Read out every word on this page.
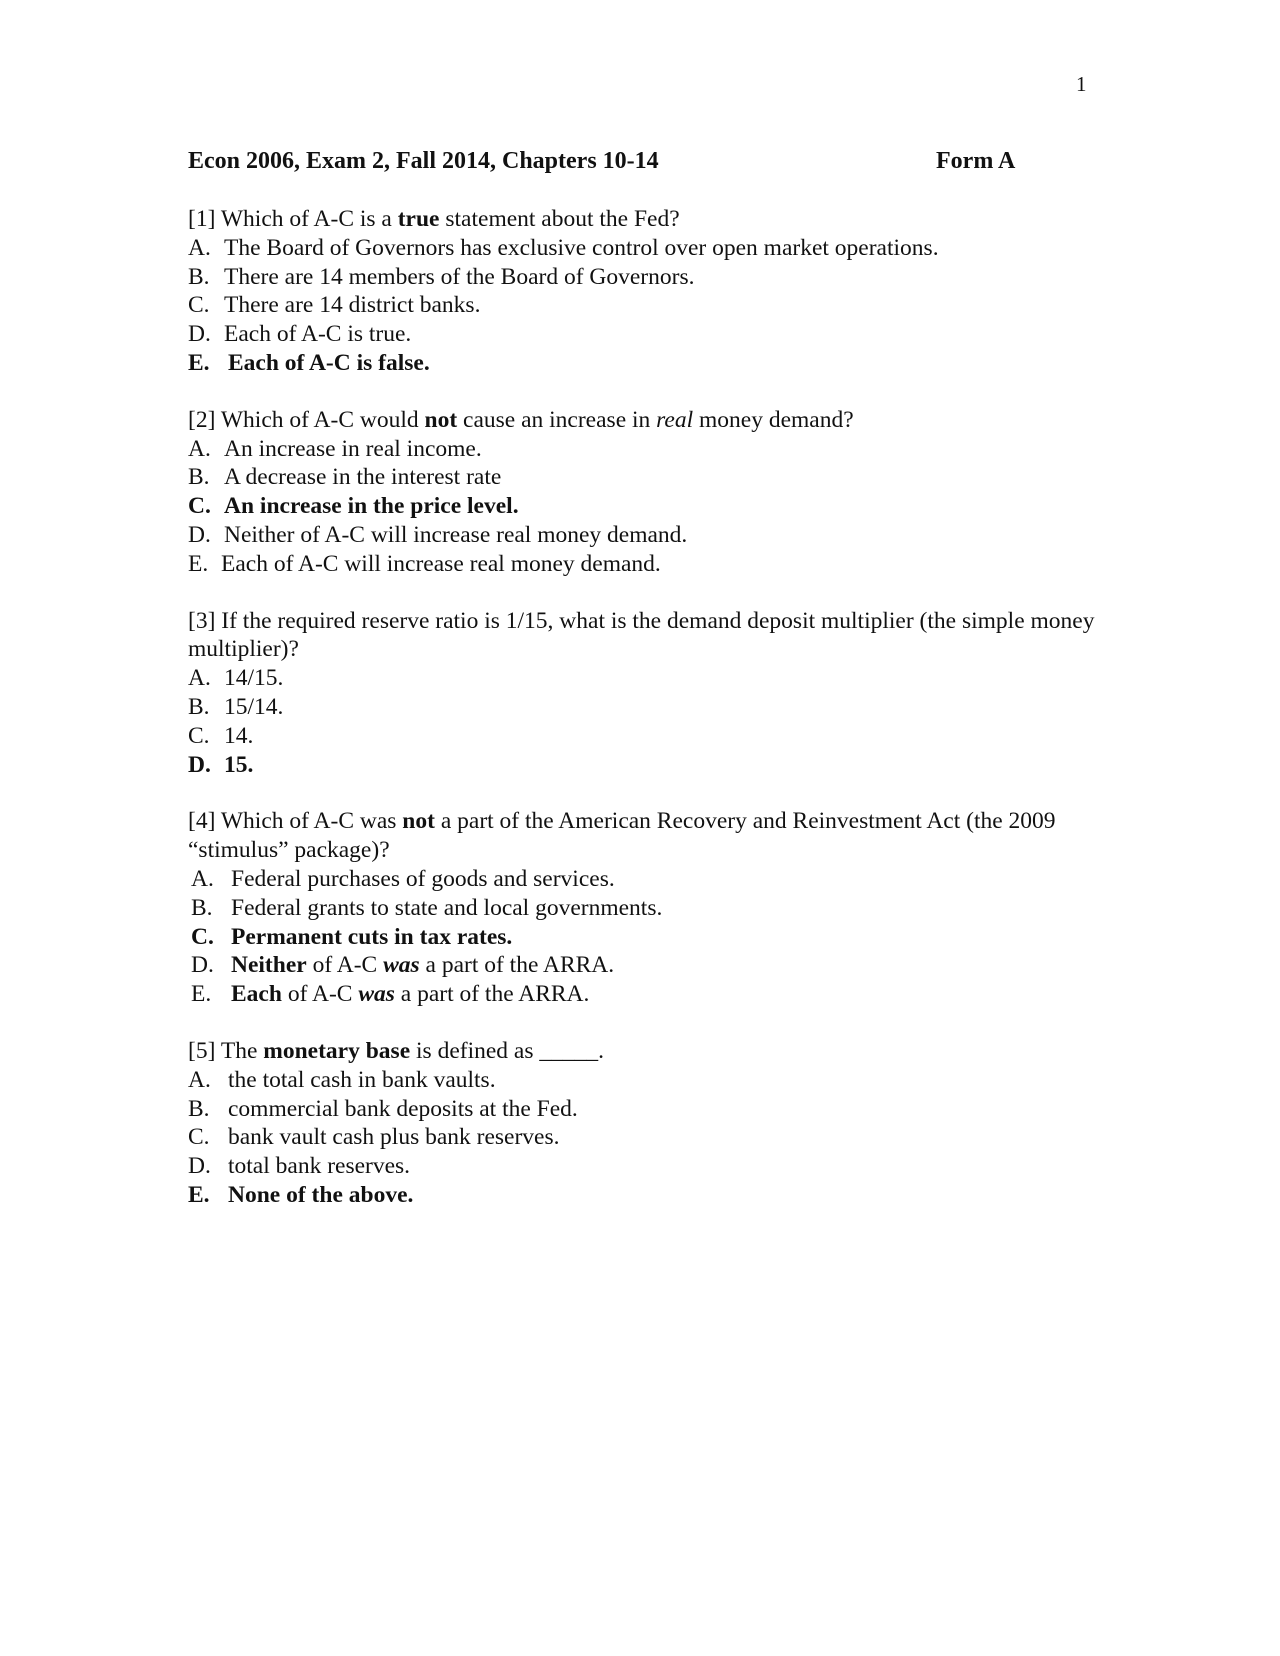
1
Econ 2006, Exam 2, Fall 2014, Chapters 10-14	Form A
[1] Which of A-C is a true statement about the Fed?
A. The Board of Governors has exclusive control over open market operations.
B. There are 14 members of the Board of Governors.
C. There are 14 district banks.
D. Each of A-C is true.
E. Each of A-C is false.
[2] Which of A-C would not cause an increase in real money demand?
A. An increase in real income.
B. A decrease in the interest rate
C. An increase in the price level.
D. Neither of A-C will increase real money demand.
E. Each of A-C will increase real money demand.
[3] If the required reserve ratio is 1/15, what is the demand deposit multiplier (the simple money multiplier)?
A. 14/15.
B. 15/14.
C. 14.
D. 15.
[4] Which of A-C was not a part of the American Recovery and Reinvestment Act (the 2009 “stimulus” package)?
A. Federal purchases of goods and services.
B. Federal grants to state and local governments.
C. Permanent cuts in tax rates.
D. Neither of A-C was a part of the ARRA.
E. Each of A-C was a part of the ARRA.
[5] The monetary base is defined as _____.
A. the total cash in bank vaults.
B. commercial bank deposits at the Fed.
C. bank vault cash plus bank reserves.
D. total bank reserves.
E. None of the above.
